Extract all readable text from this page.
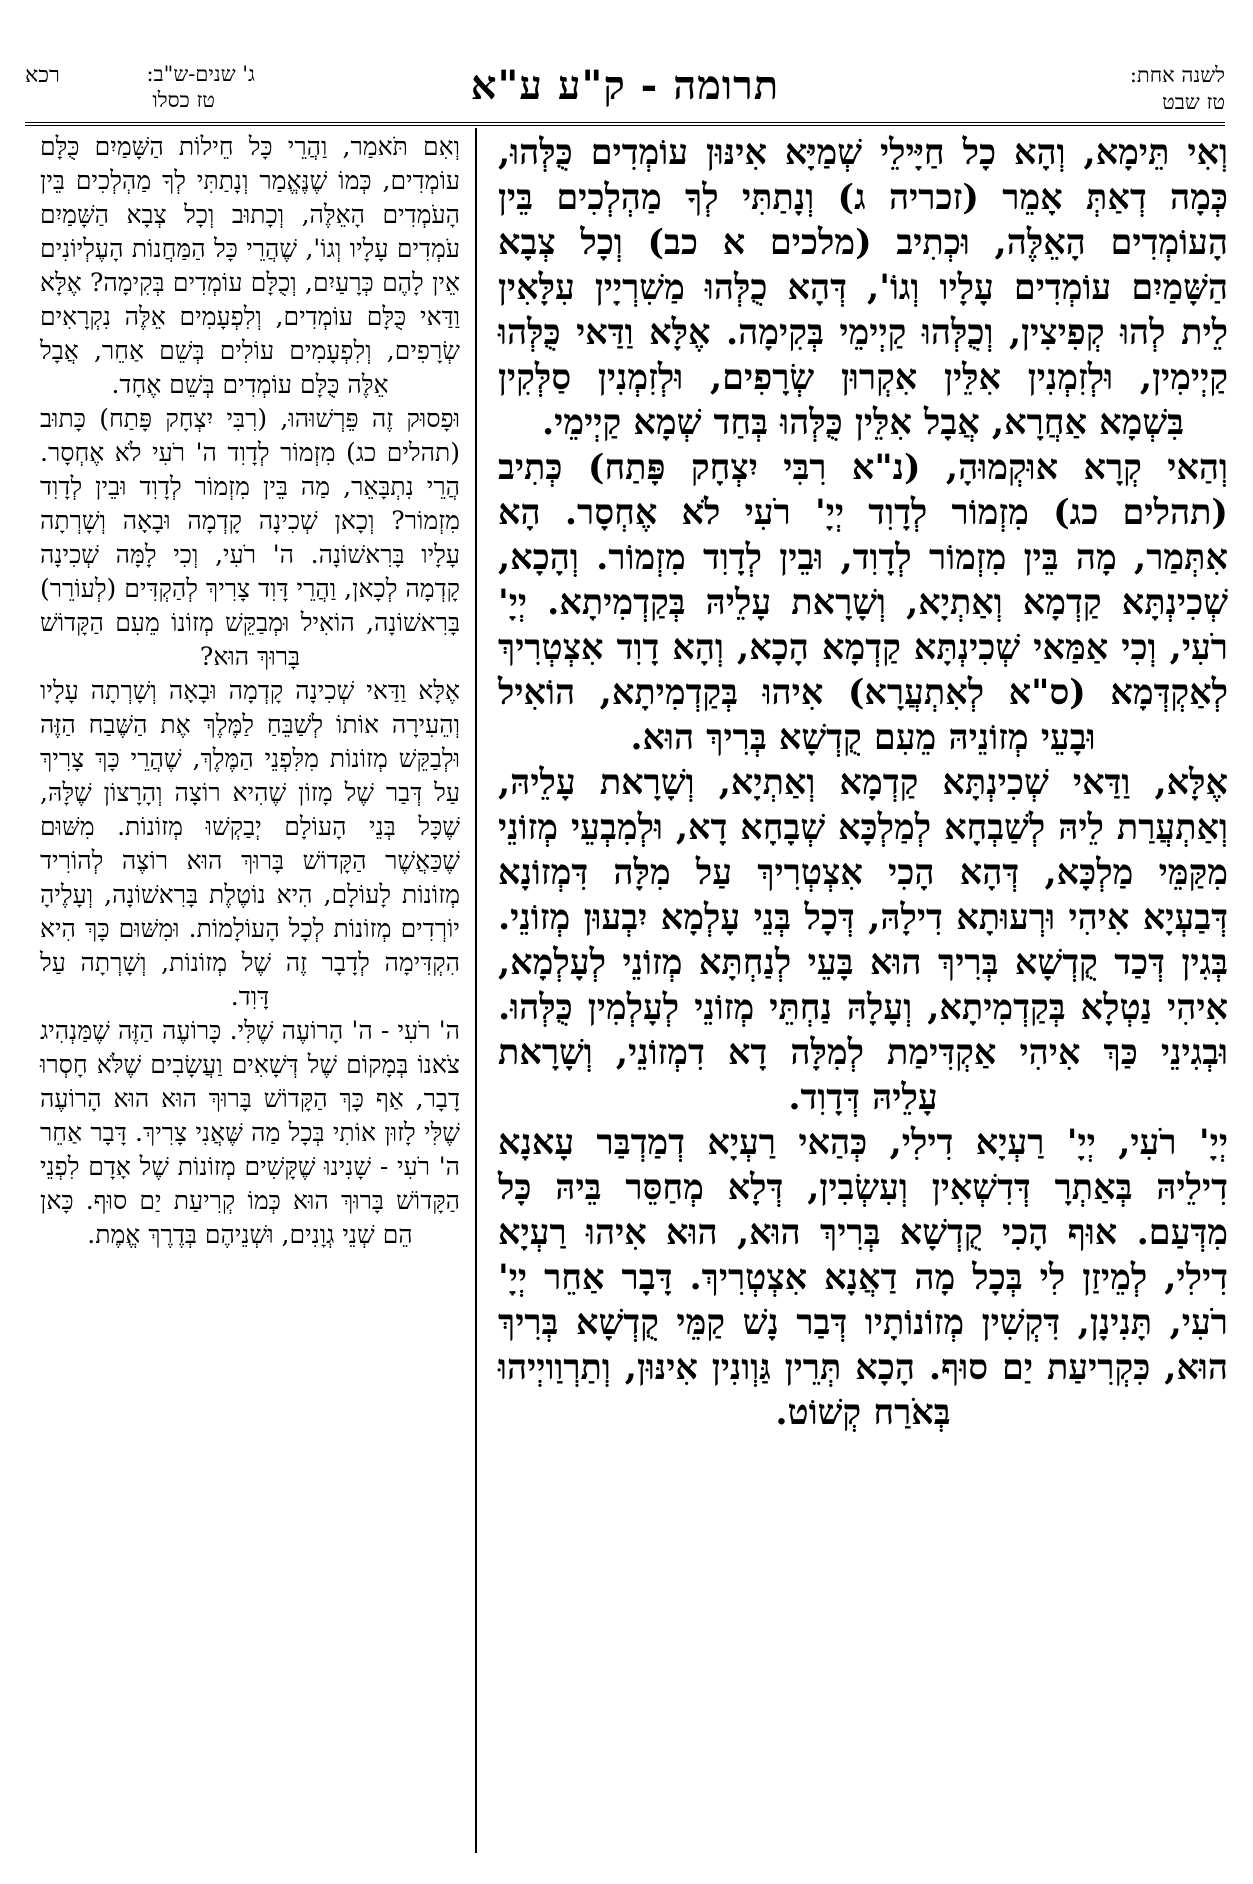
לשנה אחת:
טז שבט
תרומה - ק"ע ע"א
ג' שנים-ש"ב:
רכא
טז כסלו

וְאִי תֵּימָא, וְהָא כָל חַיָּילֵי שְׁמַיָּא אִינּוּן עוֹמְדִים כֻּלְּהוּ, כְּמָה דְאַתְּ אָמֵר (זכריה ג) וְנָתַתִּי לְךָ מַהְלְכִים בֵּין הָעוֹמְדִים הָאֵלֶּה, וּכְתִיב (מלכים א כב) וְכָל צְבָא הַשָּׁמַיִם עוֹמְדִים עָלָיו וְגוֹ', דְּהָא כֻלְּהוּ מַשִׁרְיָין עִלָּאִין לֵית לְהוּ קְפִיצִין, וְכֻלְּהוּ קַיְימֵי בְּקִימָה. אֶלָּא וַדַּאי כֻּלְּהוּ קַיְימִין, וּלְזִמְנִין אִלֵּין אִקְרוּן שְׂרָפִים, וּלְזִמְנִין סַלְּקִין בִּשְׁמָא אַחֲרָא, אֲבָל אִלֵּין כֻּלְּהוּ בְּחַד שְׁמָא קַיְימֵי.

וְהַאי קְרָא אוּקְמוּהָ, (נ"א רִבִּי יִצְחָק פָּתַח) כְּתִיב (תהלים כג) מִזְמוֹר לְדָוִד יְיָ' רֹעִי לֹא אֶחְסָר. הָא אִתְּמַר, מָה בֵּין מִזְמוֹר לְדָוִד, וּבֵין לְדָוִד מִזְמוֹר. וְהָכָא, שְׁכִינְתָּא קַדְמָא וְאַתְיָא, וְשָׁרָאת עָלֵיהּ בְּקַדְמִיתָא. יְיָ' רֹעִי, וְכִי אַמַּאי שְׁכִינְתָּא קַדְמָא הָכָא, וְהָא דָוִד אִצְטְרִיךְ לְאַקְדְּמָא (ס"א לְאִתְעֲרָא) אִיהוּ בְּקַדְמִיתָא, הוֹאִיל וּבָעֵי מְזוֹנֵיהּ מֵעִם קֻדְשָׁא בְּרִיךְ הוּא.

אֶלָּא, וַדַּאי שְׁכִינְתָּא קַדְמָא וְאַתְיָא, וְשָׁרָאת עָלֵיהּ, וְאַתְעֲרַת לֵיהּ לְשַׁבְחָא לְמַלְכָּא שְׁבָחָא דָא, וּלְמִבְעֵי מְזוֹנֵי מִקַּמֵּי מַלְכָּא, דְּהָא הָכִי אִצְטְרִיךְ עַל מִלָּה דִּמְזוֹנָא דְּבַעְיָא אִיהִי וּרְעוּתָא דִילָהּ, דְּכָל בְּנֵי עָלְמָא יִבְעוּן מְזוֹנֵי. בְּגִין דְּכַד קֻדְשָׁא בְּרִיךְ הוּא בָּעֵי לְנַחְתָּא מְזוֹנֵי לְעָלְמָא, אִיהִי נַטְלָא בְּקַדְמִיתָא, וְעָלָהּ נַחְתֵּי מְזוֹנֵי לְעָלְמִין כֻּלְּהוּ. וּבְגִינֵי כַּךְ אִיהִי אַקְדִּימַת לְמִלָּה דָא דִמְזוֹנֵי, וְשָׁרָאת עָלֵיהּ דְּדָוִד.

יְיָ' רֹעִי, יְיָ' רַעְיָא דִילִי, כְּהַאי רַעְיָא דְמַדְבַּר עָאנָא דִילֵיהּ בְּאַתְרָ דְּדִשְׁאִין וְעִשְׂבִין, דְּלָא מְחַסֵּר בֵּיהּ כָּל מִדְּעַם. אוּף הָכִי קֻדְשָׁא בְּרִיךְ הוּא, הוּא אִיהוּ רַעְיָא דִילִי, לְמֵיזַן לִי בְּכָל מָה דַאֲנָא אִצְטְרִיךְ. דָּבָר אַחֵר יְיָ' רֹעִי, תָּנִינָן, דִּקְשִׁין מְזוֹנוֹתָיו דְּבַר נָשׁ קַמֵּי קֻדְשָׁא בְּרִיךְ הוּא, כִּקְרִיעַת יַם סוּף. הָכָא תְּרֵין גַּוְונִין אִינּוּן, וְתַרְוַויְיהוּ בְּאֹרַח קְשׁוֹט.

וְאִם תֹּאמַר, וַהֲרֵי כָּל חֵילוֹת הַשָּׁמַיִם כֻּלָּם עוֹמְדִים, כְּמוֹ שֶׁנֶּאֱמַר וְנָתַתִּי לְךָ מַהְלְכִים בֵּין הָעֹמְדִים הָאֵלֶּה, וְכָתוּב וְכָל צְבָא הַשָּׁמַיִם עֹמְדִים עָלָיו וְגוֹ', שֶׁהֲרֵי כָּל הַמַּחֲנוֹת הָעֶלְיוֹנִים אֵין לָהֶם כְּרָעַיִם, וְכֻלָּם עוֹמְדִים בְּקִימָה? אֶלָּא וַדַּאי כֻּלָּם עוֹמְדִים, וְלִפְעָמִים אֵלֶּה נִקְרָאִים שְׂרָפִים, וְלִפְעָמִים עוֹלִים בְּשֵׁם אַחֵר, אֲבָל אֵלֶּה כֻּלָּם עוֹמְדִים בְּשֵׁם אֶחָד.

וּפָסוּק זֶה פֵּרְשׁוּהוּ, (רִבִּי יִצְחָק פָּתַח) כָּתוּב (תהלים כג) מִזְמוֹר לְדָוִד ה' רֹעִי לֹא אֶחְסָר. הֲרֵי נִתְבָּאֵר, מַה בֵּין מִזְמוֹר לְדָוִד וּבֵין לְדָוִד מִזְמוֹר? וְכָאן שְׁכִינָה קָדְמָה וּבָאָה וְשָׁרְתָה עָלָיו בָּרִאשׁוֹנָה. ה' רֹעִי, וְכִי לָמָּה שְׁכִינָה קָדְמָה לְכָאן, וַהֲרֵי דָּוִד צָרִיךְ לְהַקְדִּים (לְעוֹרֵר) בָּרִאשׁוֹנָה, הוֹאִיל וּמְבַקֵּשׁ מְזוֹנוֹ מֵעִם הַקָּדוֹשׁ בָּרוּךְ הוּא?

אֶלָּא וַדַּאי שְׁכִינָה קָדְמָה וּבָאָה וְשָׁרְתָה עָלָיו וְהֵעִירָה אוֹתוֹ לְשַׁבֵּחַ לַמֶּלֶךְ אֶת הַשֶּׁבַח הַזֶּה וּלְבַקֵּשׁ מְזוֹנוֹת מִלִּפְנֵי הַמֶּלֶךְ, שֶׁהֲרֵי כָּךְ צָרִיךְ עַל דְּבַר שֶׁל מָזוֹן שֶׁהִיא רוֹצָה וְהָרָצוֹן שֶׁלָּהּ, שֶׁכָּל בְּנֵי הָעוֹלָם יְבַקְשׁוּ מְזוֹנוֹת. מִשּׁוּם שֶׁכַּאֲשֶׁר הַקָּדוֹשׁ בָּרוּךְ הוּא רוֹצֶה לְהוֹרִיד מְזוֹנוֹת לָעוֹלָם, הִיא נוֹטֶלֶת בָּרִאשׁוֹנָה, וְעָלֶיהָ יוֹרְדִים מְזוֹנוֹת לְכָל הָעוֹלָמוֹת. וּמִשּׁוּם כָּךְ הִיא הִקְדִּימָה לְדָבָר זֶה שֶׁל מְזוֹנוֹת, וְשָׁרְתָה עַל דָּוִד.

ה' רֹעִי - ה' הָרוֹעֶה שֶׁלִּי. כָּרוֹעֶה הַזֶּה שֶׁמַּנְהִיג צֹאנוֹ בְּמָקוֹם שֶׁל דְּשָׁאִים וַעֲשָׂבִים שֶׁלֹּא חָסְרוּ דָבָר, אַף כָּךְ הַקָּדוֹשׁ בָּרוּךְ הוּא הוּא הָרוֹעֶה שֶׁלִּי לָזוּן אוֹתִי בְּכָל מַה שֶּׁאֲנִי צָרִיךְ. דָּבָר אַחֵר ה' רֹעִי - שָׁנִינוּ שֶׁקָּשִׁים מְזוֹנוֹת שֶׁל אָדָם לִפְנֵי הַקָּדוֹשׁ בָּרוּךְ הוּא כְּמוֹ קְרִיעַת יַם סוּף. כָּאן הֵם שְׁנֵי גְוָנִים, וּשְׁנֵיהֶם בְּדֶרֶךְ אֱמֶת.
